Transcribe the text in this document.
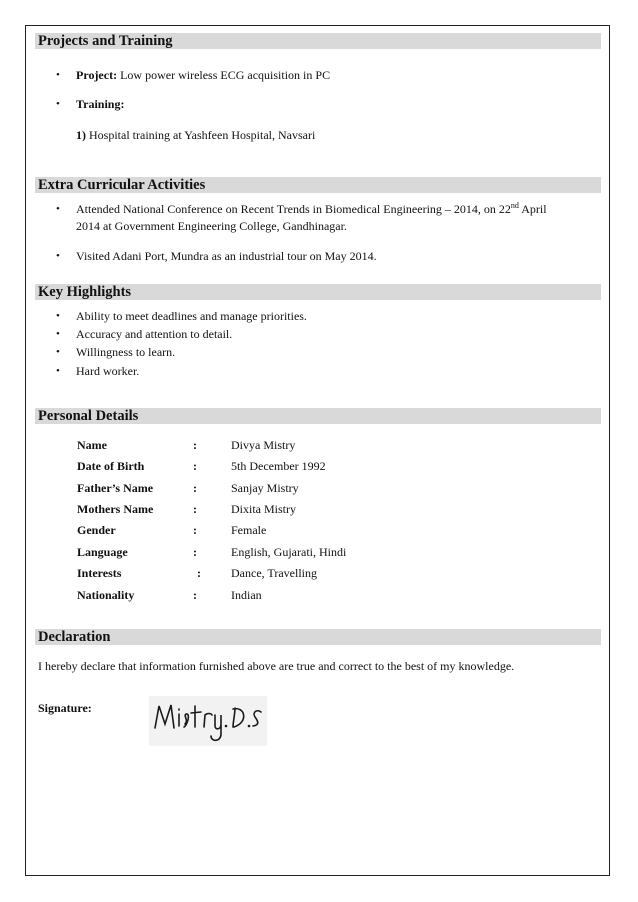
Projects and Training
• Project: Low power wireless ECG acquisition in PC
• Training:
1) Hospital training at Yashfeen Hospital, Navsari
Extra Curricular Activities
• Attended National Conference on Recent Trends in Biomedical Engineering – 2014, on 22nd April
2014 at Government Engineering College, Gandhinagar.
• Visited Adani Port, Mundra as an industrial tour on May 2014.
Key Highlights
• Ability to meet deadlines and manage priorities.
• Accuracy and attention to detail.
• Willingness to learn.
• Hard worker.
Personal Details
Name	:	Divya Mistry
Date of Birth	:	5th December 1992
Father’s Name	:	Sanjay Mistry
Mothers Name	:	Dixita Mistry
Gender	:	Female
Language	:	English, Gujarati, Hindi
Interests	:	Dance, Travelling
Nationality	:	Indian
Declaration
I hereby declare that information furnished above are true and correct to the best of my knowledge.
Signature:
